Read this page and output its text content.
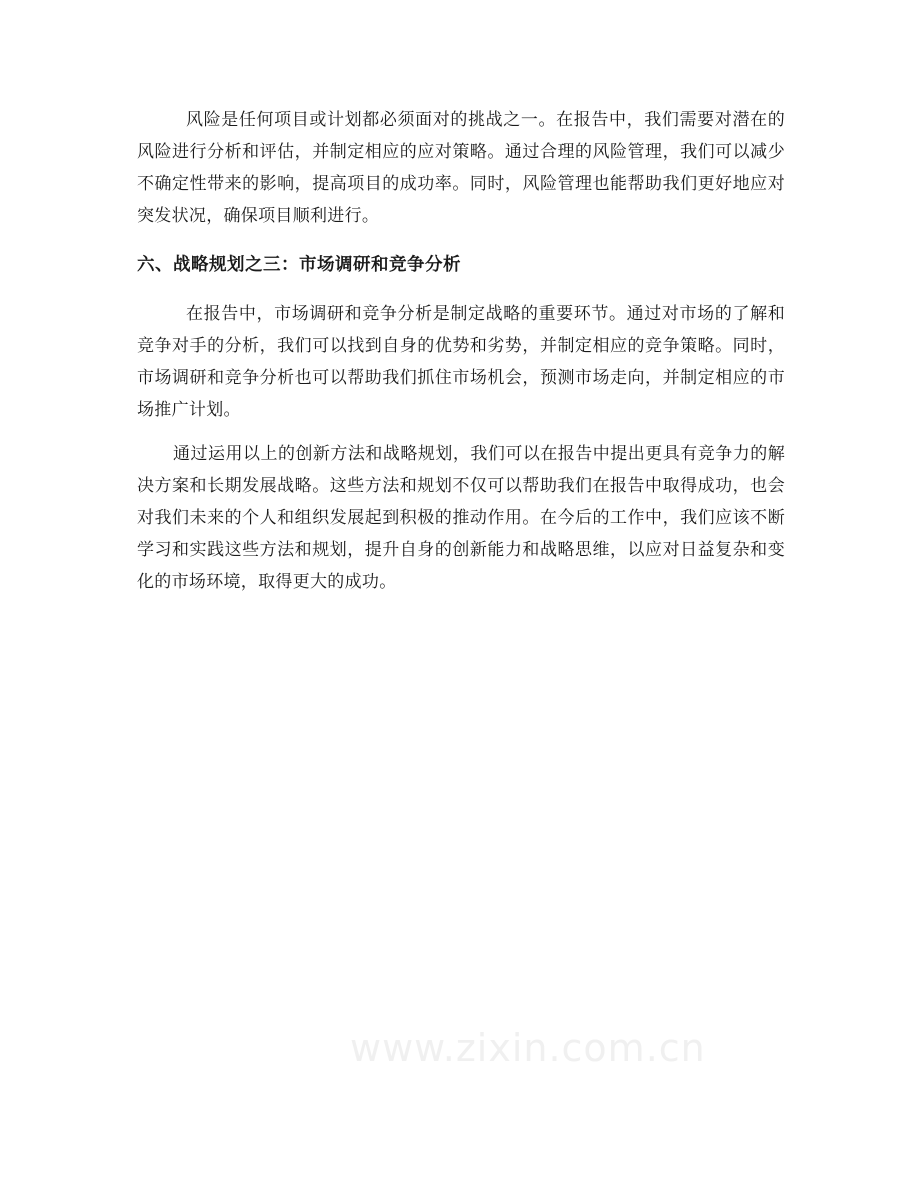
风险是任何项目或计划都必须面对的挑战之一。在报告中，我们需要对潜在的风险进行分析和评估，并制定相应的应对策略。通过合理的风险管理，我们可以减少不确定性带来的影响，提高项目的成功率。同时，风险管理也能帮助我们更好地应对突发状况，确保项目顺利进行。

六、战略规划之三：市场调研和竞争分析

在报告中，市场调研和竞争分析是制定战略的重要环节。通过对市场的了解和竞争对手的分析，我们可以找到自身的优势和劣势，并制定相应的竞争策略。同时，市场调研和竞争分析也可以帮助我们抓住市场机会，预测市场走向，并制定相应的市场推广计划。

通过运用以上的创新方法和战略规划，我们可以在报告中提出更具有竞争力的解决方案和长期发展战略。这些方法和规划不仅可以帮助我们在报告中取得成功，也会对我们未来的个人和组织发展起到积极的推动作用。在今后的工作中，我们应该不断学习和实践这些方法和规划，提升自身的创新能力和战略思维，以应对日益复杂和变化的市场环境，取得更大的成功。

www.zixin.com.cn
